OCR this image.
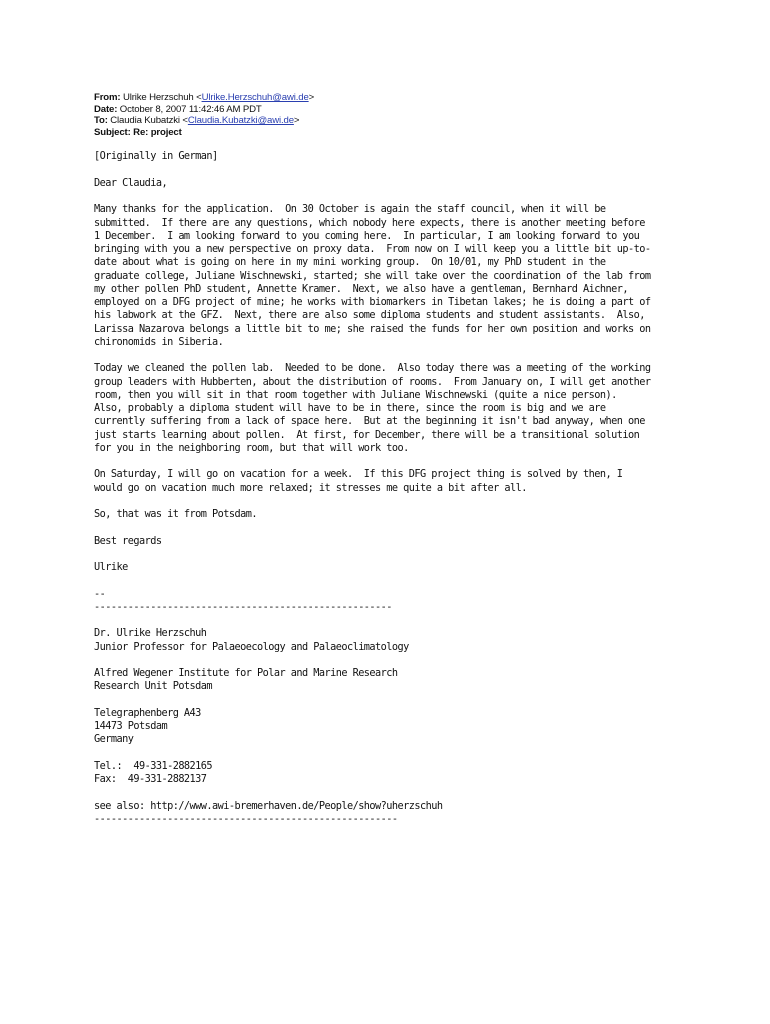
From: Ulrike Herzschuh <Ulrike.Herzschuh@awi.de>
Date: October 8, 2007 11:42:46 AM PDT
To: Claudia Kubatzki <Claudia.Kubatzki@awi.de>
Subject: Re: project

[Originally in German]

Dear Claudia,

Many thanks for the application.  On 30 October is again the staff council, when it will be
submitted.  If there are any questions, which nobody here expects, there is another meeting before
1 December.  I am looking forward to you coming here.  In particular, I am looking forward to you
bringing with you a new perspective on proxy data.  From now on I will keep you a little bit up-to-
date about what is going on here in my mini working group.  On 10/01, my PhD student in the
graduate college, Juliane Wischnewski, started; she will take over the coordination of the lab from
my other pollen PhD student, Annette Kramer.  Next, we also have a gentleman, Bernhard Aichner,
employed on a DFG project of mine; he works with biomarkers in Tibetan lakes; he is doing a part of
his labwork at the GFZ.  Next, there are also some diploma students and student assistants.  Also,
Larissa Nazarova belongs a little bit to me; she raised the funds for her own position and works on
chironomids in Siberia.

Today we cleaned the pollen lab.  Needed to be done.  Also today there was a meeting of the working
group leaders with Hubberten, about the distribution of rooms.  From January on, I will get another
room, then you will sit in that room together with Juliane Wischnewski (quite a nice person).
Also, probably a diploma student will have to be in there, since the room is big and we are
currently suffering from a lack of space here.  But at the beginning it isn't bad anyway, when one
just starts learning about pollen.  At first, for December, there will be a transitional solution
for you in the neighboring room, but that will work too.

On Saturday, I will go on vacation for a week.  If this DFG project thing is solved by then, I
would go on vacation much more relaxed; it stresses me quite a bit after all.

So, that was it from Potsdam.

Best regards

Ulrike

--

-----------------------------------------------------

Dr. Ulrike Herzschuh
Junior Professor for Palaeoecology and Palaeoclimatology

Alfred Wegener Institute for Polar and Marine Research
Research Unit Potsdam

Telegraphenberg A43
14473 Potsdam
Germany

Tel.:  49-331-2882165
Fax:  49-331-2882137

see also: http://www.awi-bremerhaven.de/People/show?uherzschuh

------------------------------------------------------
